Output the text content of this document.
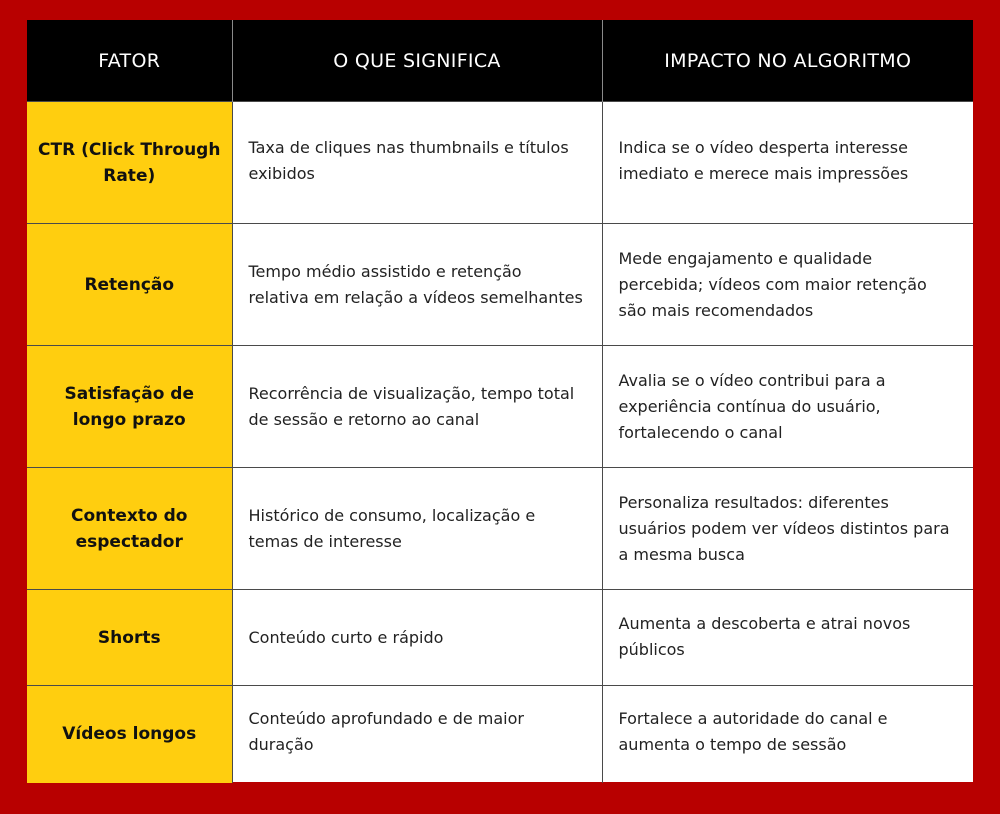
FATOR	O QUE SIGNIFICA	IMPACTO NO ALGORITMO
CTR (Click Through Rate)	Taxa de cliques nas thumbnails e títulos exibidos	Indica se o vídeo desperta interesse imediato e merece mais impressões
Retenção	Tempo médio assistido e retenção relativa em relação a vídeos semelhantes	Mede engajamento e qualidade percebida; vídeos com maior retenção são mais recomendados
Satisfação de longo prazo	Recorrência de visualização, tempo total de sessão e retorno ao canal	Avalia se o vídeo contribui para a experiência contínua do usuário, fortalecendo o canal
Contexto do espectador	Histórico de consumo, localização e temas de interesse	Personaliza resultados: diferentes usuários podem ver vídeos distintos para a mesma busca
Shorts	Conteúdo curto e rápido	Aumenta a descoberta e atrai novos públicos
Vídeos longos	Conteúdo aprofundado e de maior duração	Fortalece a autoridade do canal e aumenta o tempo de sessão
